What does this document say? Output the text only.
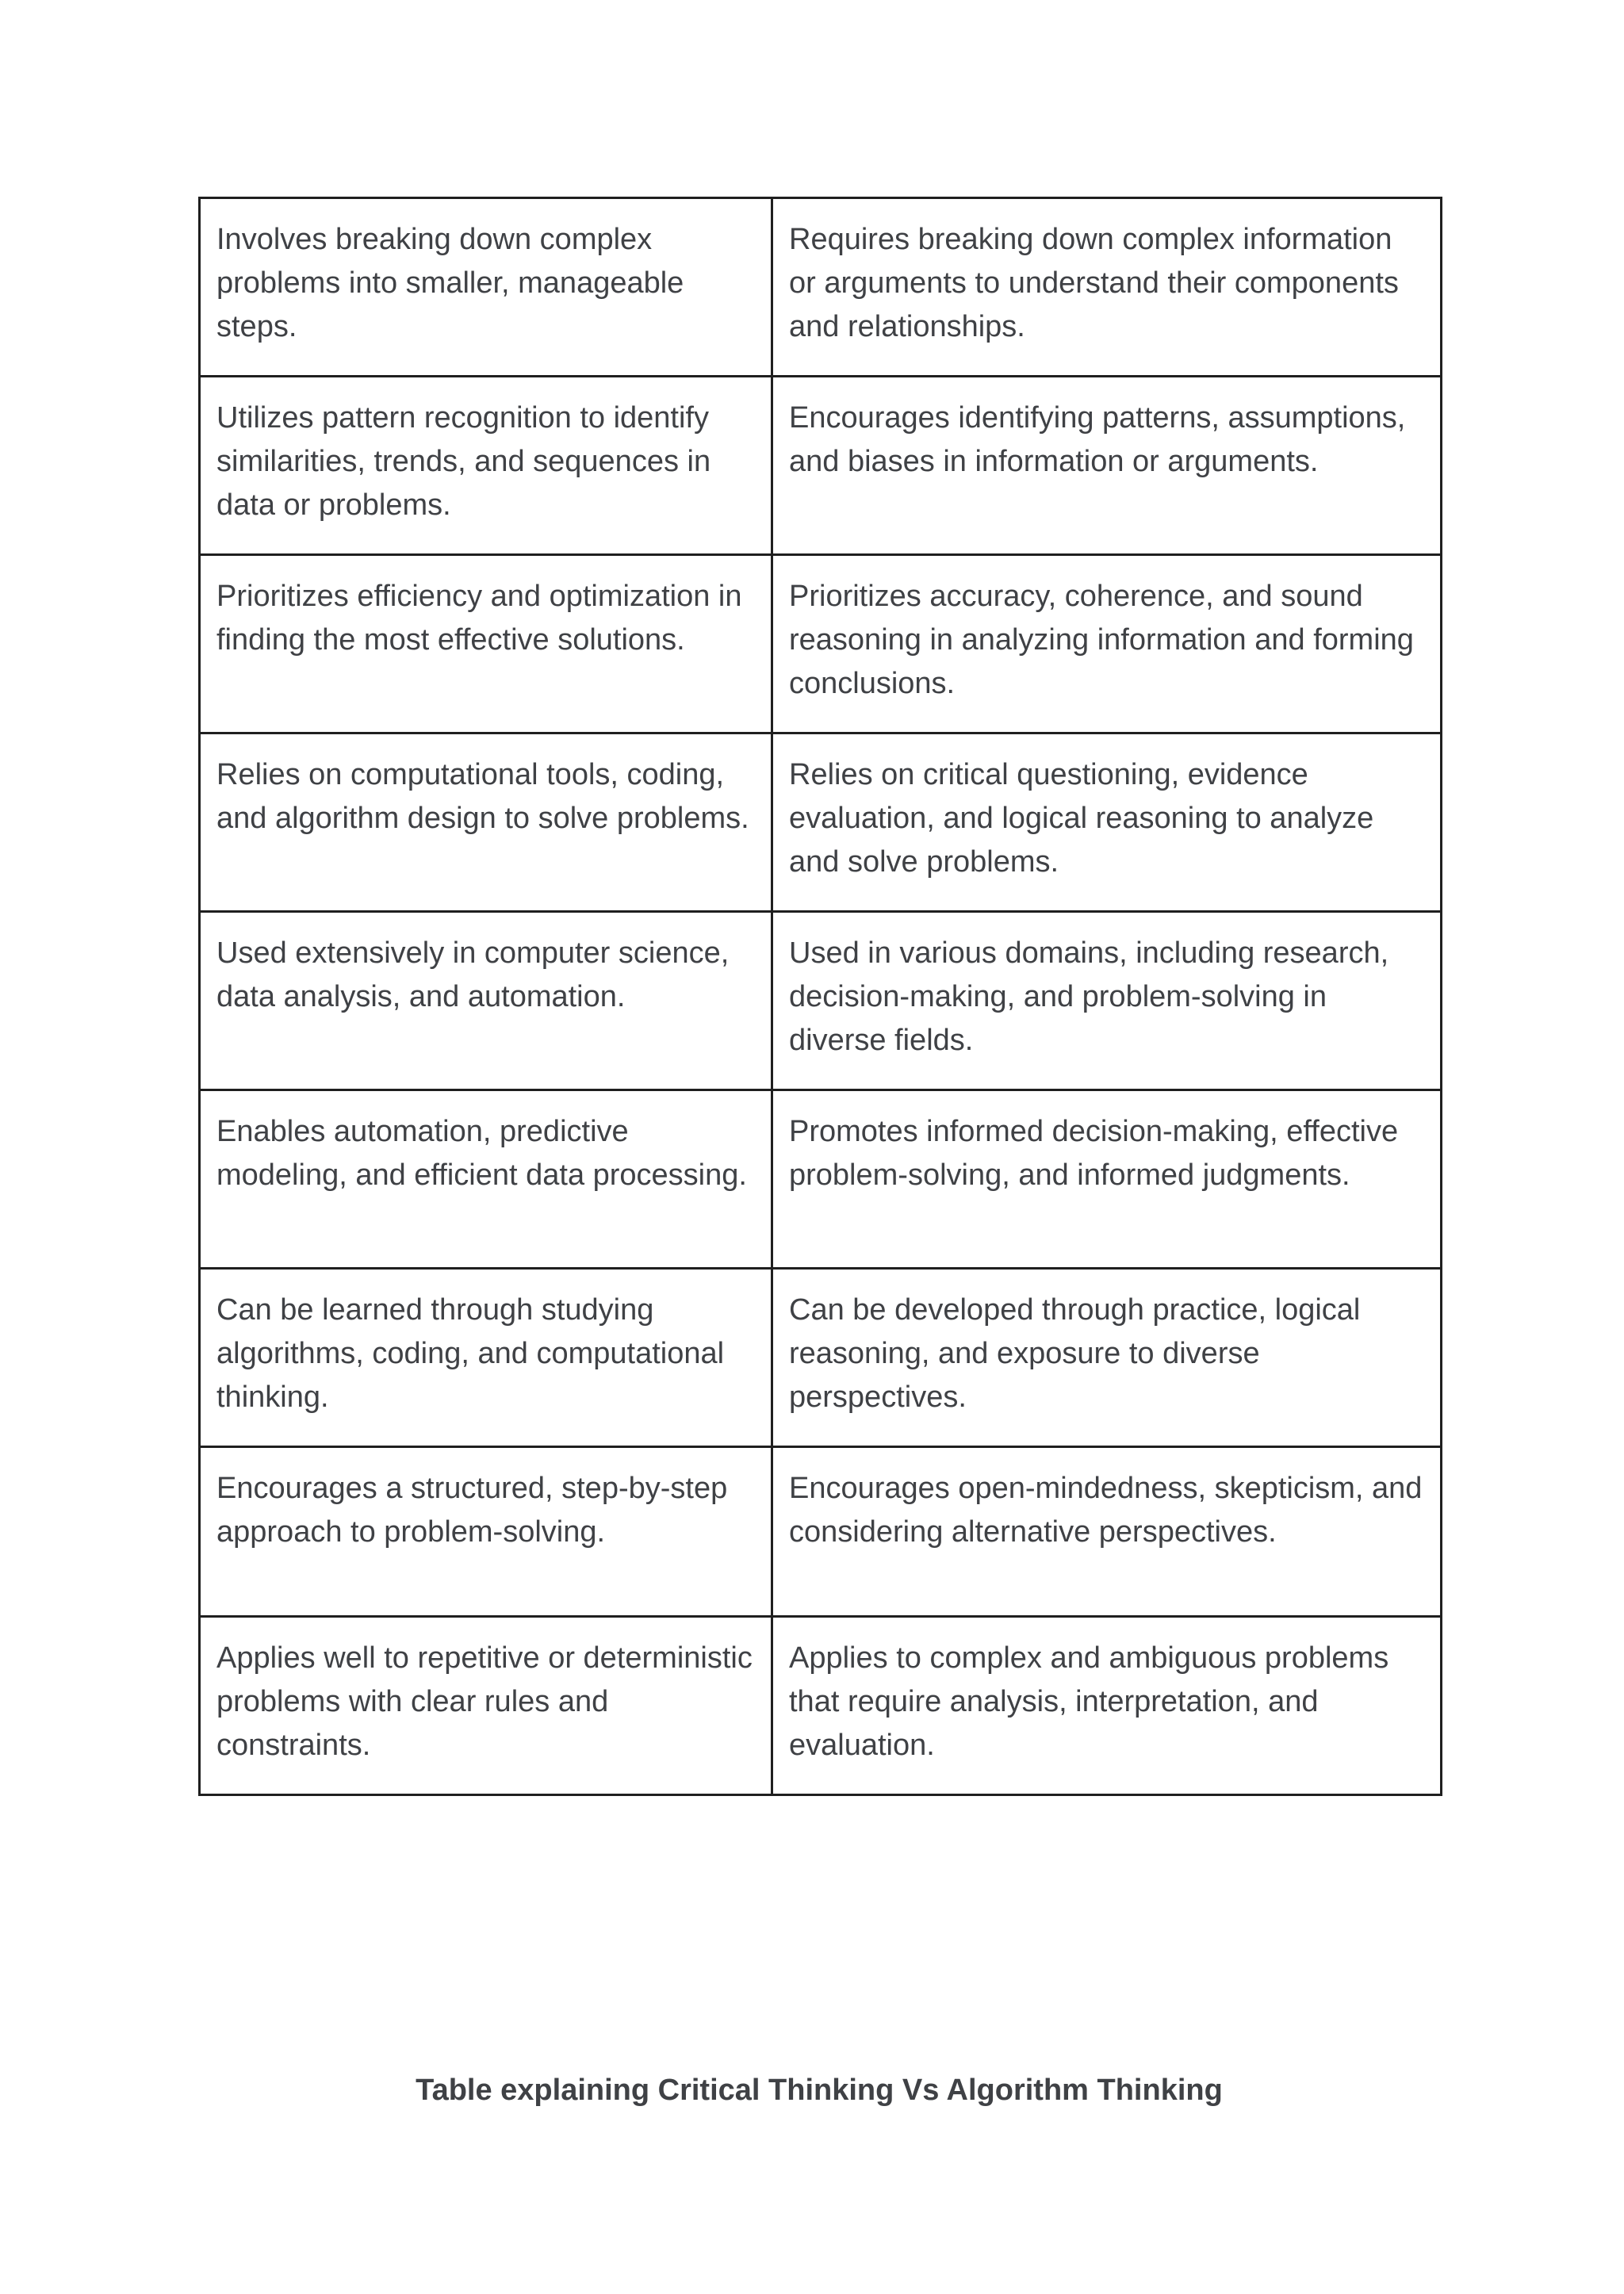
Involves breaking down complex problems into smaller, manageable steps.	Requires breaking down complex information or arguments to understand their components and relationships.
Utilizes pattern recognition to identify similarities, trends, and sequences in data or problems.	Encourages identifying patterns, assumptions, and biases in information or arguments.
Prioritizes efficiency and optimization in finding the most effective solutions.	Prioritizes accuracy, coherence, and sound reasoning in analyzing information and forming conclusions.
Relies on computational tools, coding, and algorithm design to solve problems.	Relies on critical questioning, evidence evaluation, and logical reasoning to analyze and solve problems.
Used extensively in computer science, data analysis, and automation.	Used in various domains, including research, decision-making, and problem-solving in diverse fields.
Enables automation, predictive modeling, and efficient data processing.	Promotes informed decision-making, effective problem-solving, and informed judgments.
Can be learned through studying algorithms, coding, and computational thinking.	Can be developed through practice, logical reasoning, and exposure to diverse perspectives.
Encourages a structured, step-by-step approach to problem-solving.	Encourages open-mindedness, skepticism, and considering alternative perspectives.
Applies well to repetitive or deterministic problems with clear rules and constraints.	Applies to complex and ambiguous problems that require analysis, interpretation, and evaluation.
Table explaining Critical Thinking Vs Algorithm Thinking
